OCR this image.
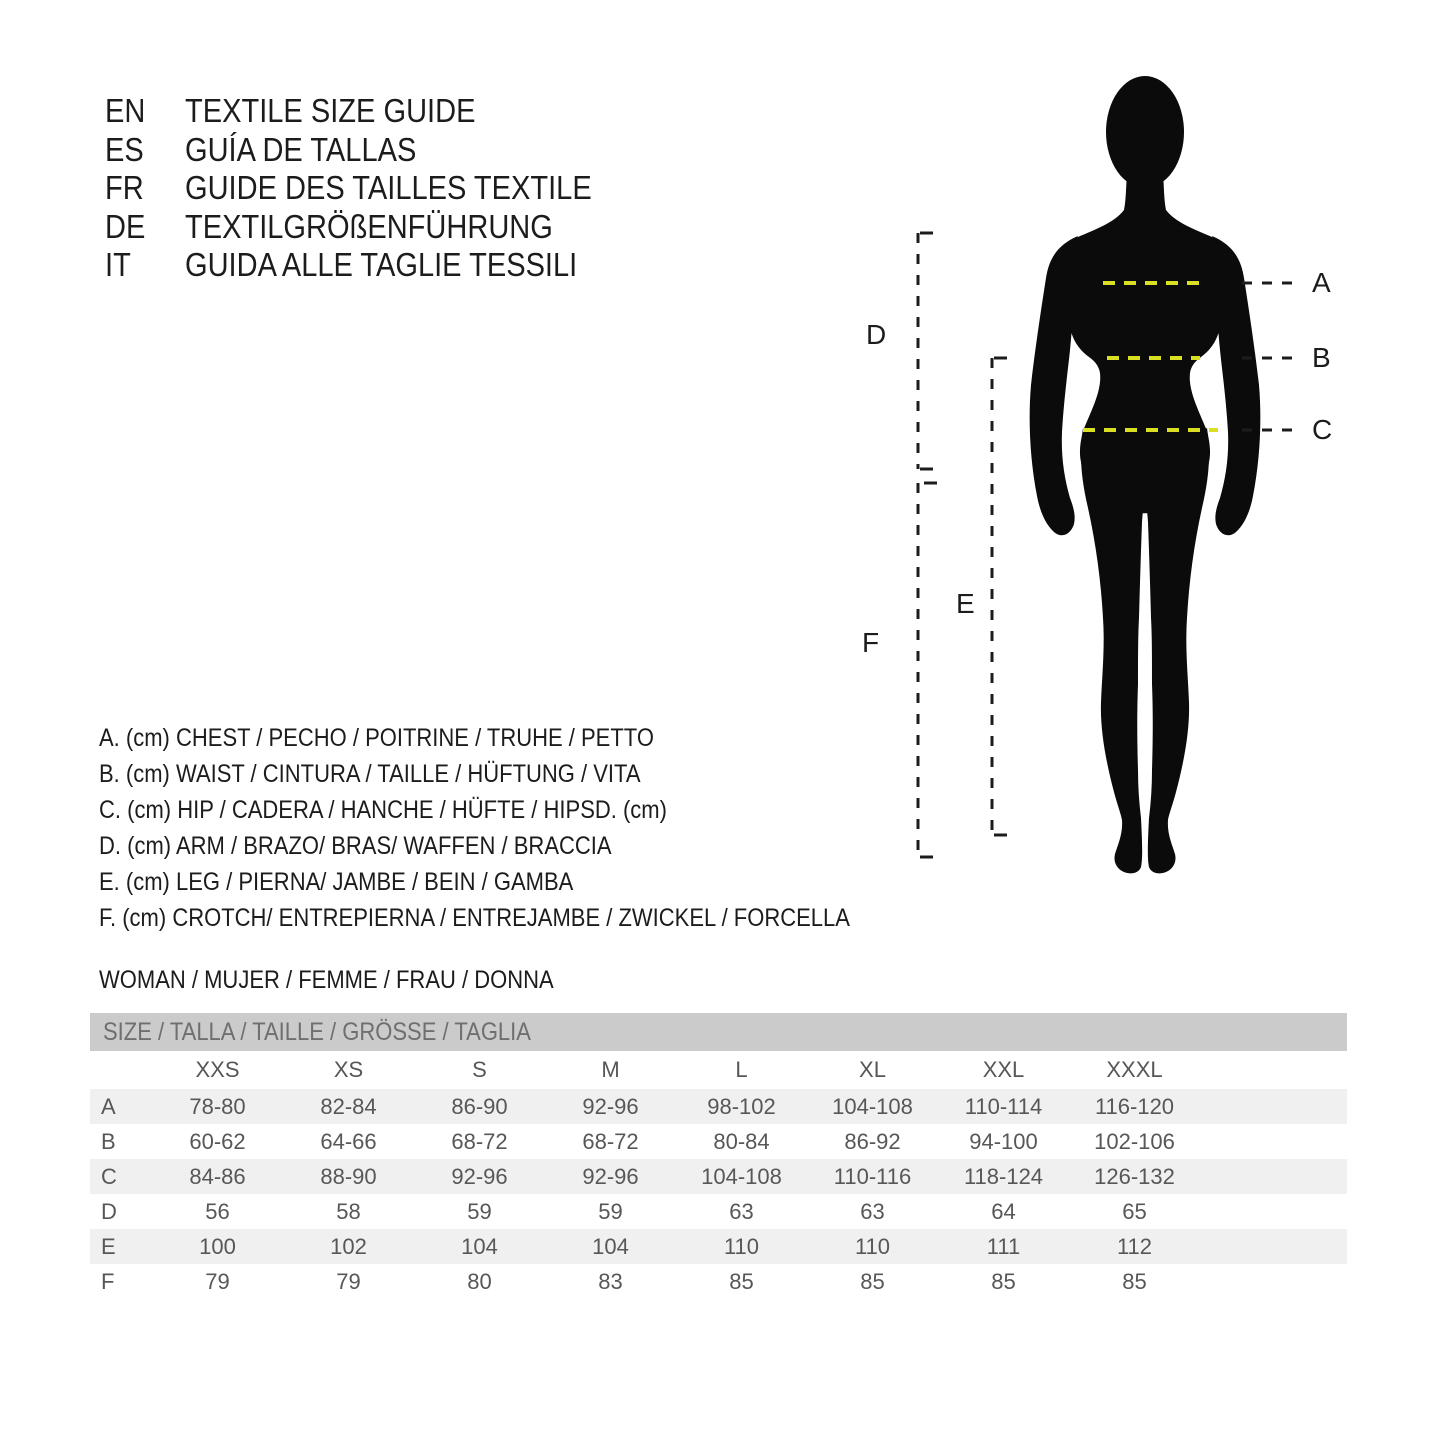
EN	TEXTILE SIZE GUIDE
ES	GUÍA DE TALLAS
FR	GUIDE DES TAILLES TEXTILE
DE	TEXTILGRÖßENFÜHRUNG
IT	GUIDA ALLE TAGLIE TESSILI	A
B
C
D
E
F
A. (cm) CHEST / PECHO / POITRINE / TRUHE / PETTO
B. (cm) WAIST / CINTURA / TAILLE / HÜFTUNG / VITA
C. (cm) HIP / CADERA / HANCHE / HÜFTE / HIPSD. (cm)
D. (cm) ARM / BRAZO/ BRAS/ WAFFEN / BRACCIA
E. (cm) LEG / PIERNA/ JAMBE / BEIN / GAMBA
F. (cm) CROTCH/ ENTREPIERNA / ENTREJAMBE / ZWICKEL / FORCELLA
WOMAN / MUJER / FEMME / FRAU / DONNA
SIZE / TALLA / TAILLE / GRÖSSE / TAGLIA
	XXS	XS	S	M	L	XL	XXL	XXXL	
A	78-80	82-84	86-90	92-96	98-102	104-108	110-114	116-120	
B	60-62	64-66	68-72	68-72	80-84	86-92	94-100	102-106	
C	84-86	88-90	92-96	92-96	104-108	110-116	118-124	126-132	
D	56	58	59	59	63	63	64	65	
E	100	102	104	104	110	110	111	112	
F	79	79	80	83	85	85	85	85	
